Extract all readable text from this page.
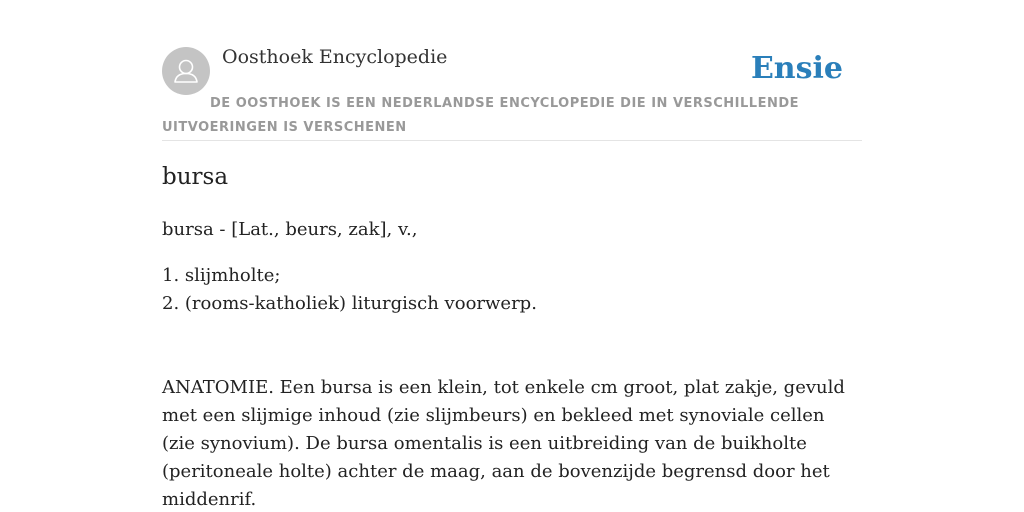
Oosthoek Encyclopedie	Ensie
DE OOSTHOEK IS EEN NEDERLANDSE ENCYCLOPEDIE DIE IN VERSCHILLENDE UITVOERINGEN IS VERSCHENEN
bursa

bursa - [Lat., beurs, zak], v.,

1. slijmholte;
2. (rooms-katholiek) liturgisch voorwerp.

ANATOMIE. Een bursa is een klein, tot enkele cm groot, plat zakje, gevuld met een slijmige inhoud (zie slijmbeurs) en bekleed met synoviale cellen (zie synovium). De bursa omentalis is een uitbreiding van de buikholte (peritoneale holte) achter de maag, aan de bovenzijde begrensd door het middenrif.
